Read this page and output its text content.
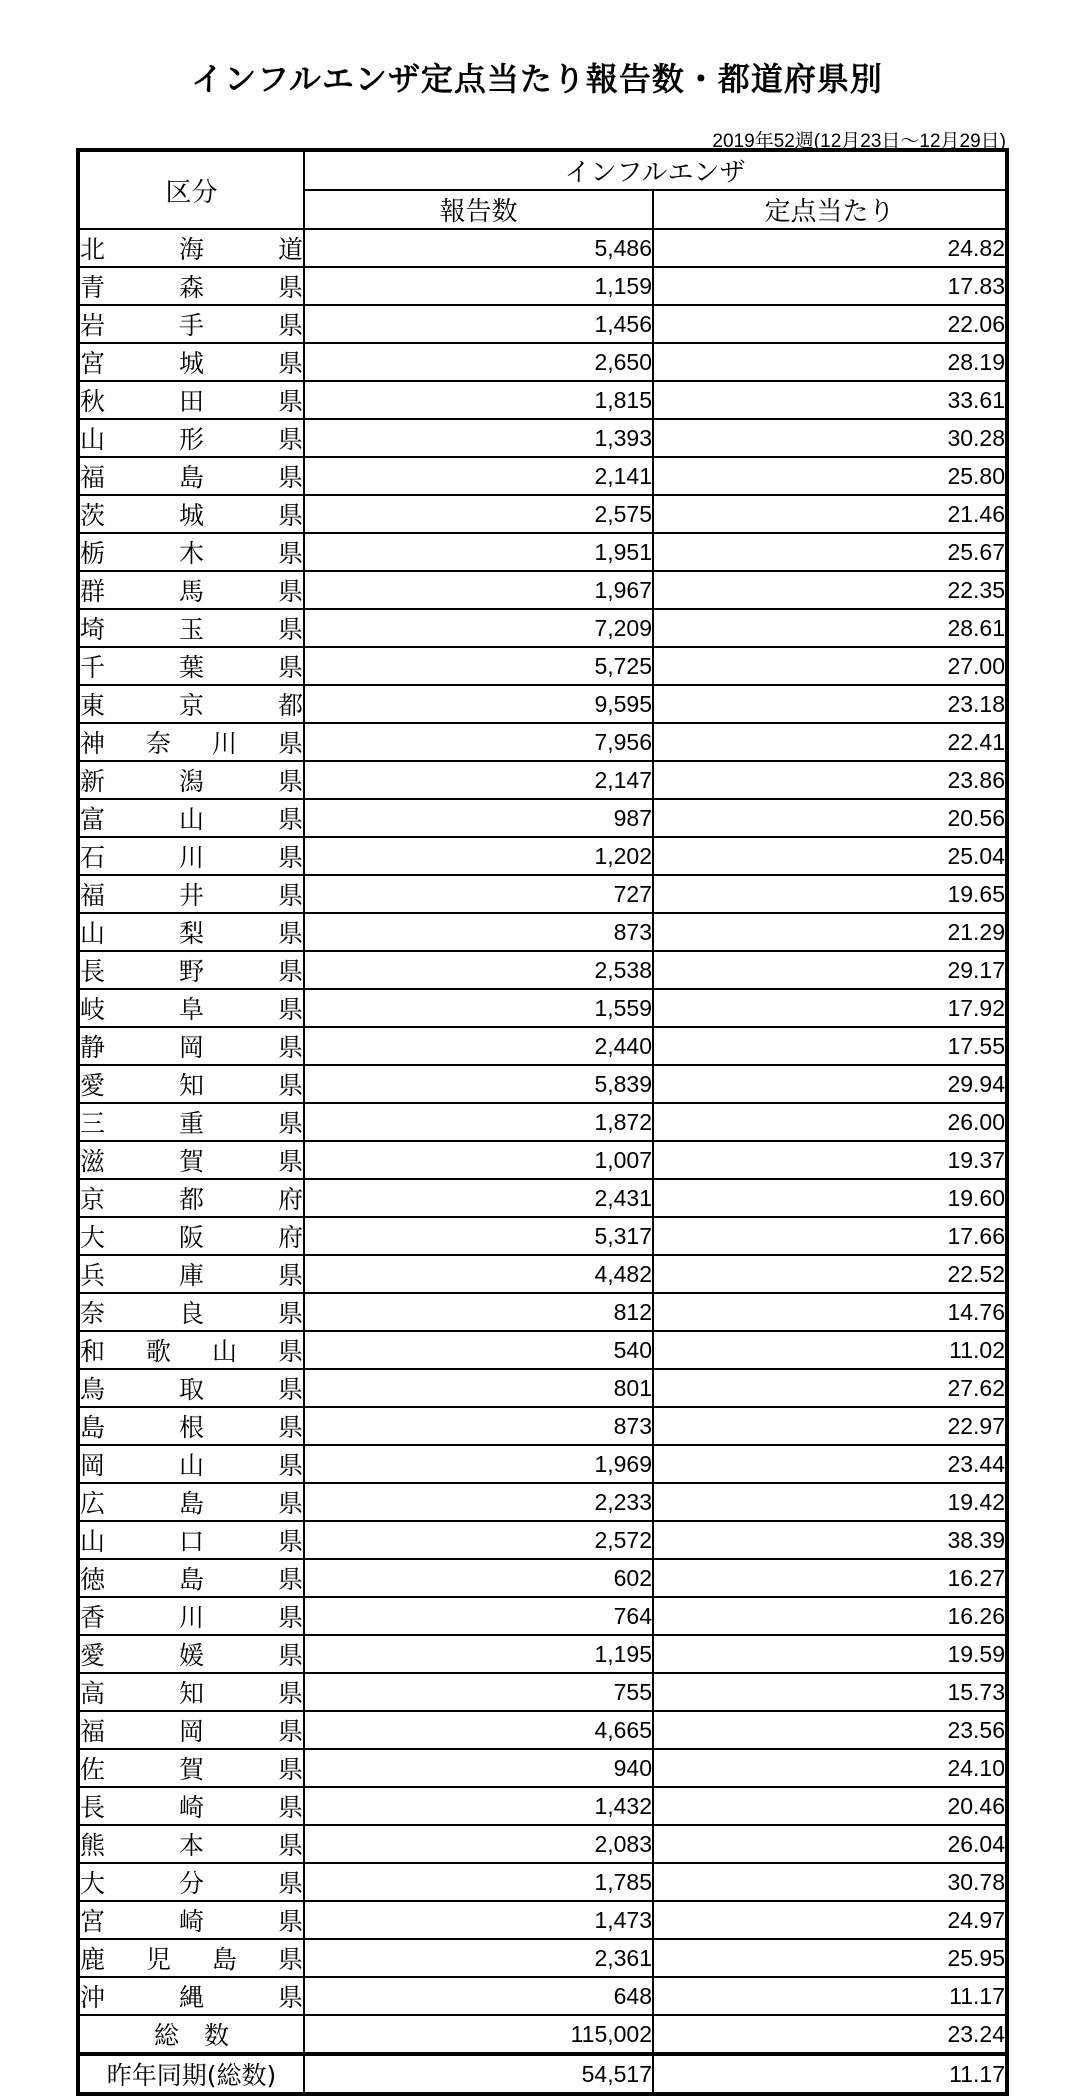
インフルエンザ定点当たり報告数・都道府県別
2019年52週(12月23日～12月29日)
区分	インフルエンザ	
	報告数	定点当たり

北 海 道	5,486	24.82

青 森 県	1,159	17.83

岩 手 県	1,456	22.06

宮 城 県	2,650	28.19

秋 田 県	1,815	33.61

山 形 県	1,393	30.28

福 島 県	2,141	25.80

茨 城 県	2,575	21.46

栃 木 県	1,951	25.67

群 馬 県	1,967	22.35

埼 玉 県	7,209	28.61

千 葉 県	5,725	27.00

東 京 都	9,595	23.18

神 奈 川 県	7,956	22.41

新 潟 県	2,147	23.86

富 山 県	987	20.56

石 川 県	1,202	25.04

福 井 県	727	19.65

山 梨 県	873	21.29

長 野 県	2,538	29.17

岐 阜 県	1,559	17.92

静 岡 県	2,440	17.55

愛 知 県	5,839	29.94

三 重 県	1,872	26.00

滋 賀 県	1,007	19.37

京 都 府	2,431	19.60

大 阪 府	5,317	17.66

兵 庫 県	4,482	22.52

奈 良 県	812	14.76

和 歌 山 県	540	11.02

鳥 取 県	801	27.62

島 根 県	873	22.97

岡 山 県	1,969	23.44

広 島 県	2,233	19.42

山 口 県	2,572	38.39

徳 島 県	602	16.27

香 川 県	764	16.26

愛 媛 県	1,195	19.59

高 知 県	755	15.73

福 岡 県	4,665	23.56

佐 賀 県	940	24.10

長 崎 県	1,432	20.46

熊 本 県	2,083	26.04

大 分 県	1,785	30.78

宮 崎 県	1,473	24.97

鹿 児 島 県	2,361	25.95

沖 縄 県	648	11.17
総　数	115,002	23.24
昨年同期(総数)	54,517	11.17
